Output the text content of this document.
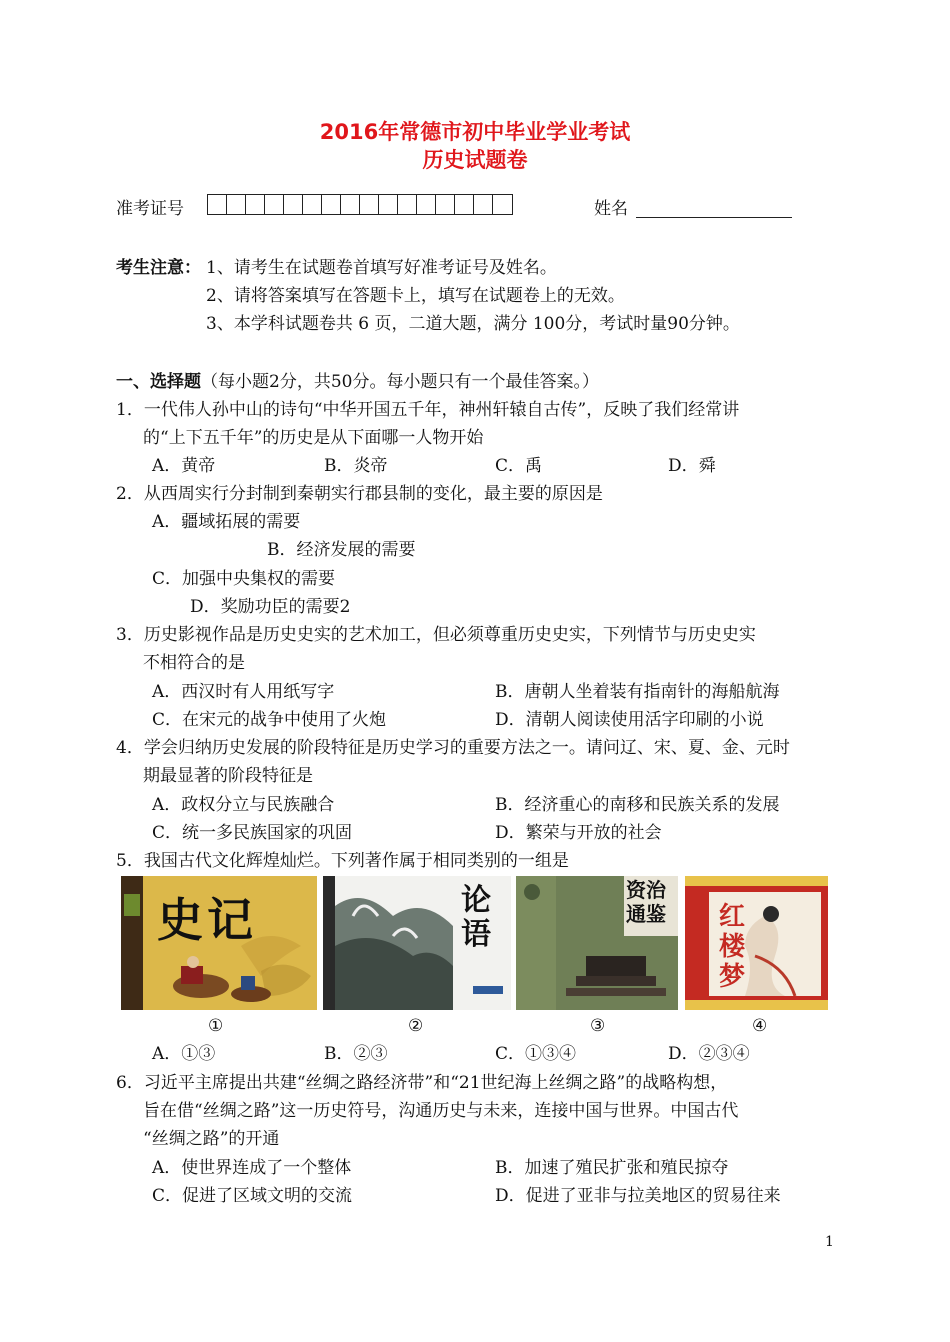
2016年常德市初中毕业学业考试
历史试题卷
准考证号	姓名
考生注意： 1、请考生在试题卷首填写好准考证号及姓名。
2、请将答案填写在答题卡上，填写在试题卷上的无效。
3、本学科试题卷共 6 页，二道大题，满分 100分，考试时量90分钟。
一、选择题（每小题2分，共50分。每小题只有一个最佳答案。）
1．一代伟人孙中山的诗句“中华开国五千年，神州轩辕自古传”，反映了我们经常讲
的“上下五千年”的历史是从下面哪一人物开始
A．黄帝	B．炎帝	C．禹	D．舜
2．从西周实行分封制到秦朝实行郡县制的变化，最主要的原因是
A．疆域拓展的需要
B．经济发展的需要
C．加强中央集权的需要
D．奖励功臣的需要2
3．历史影视作品是历史史实的艺术加工，但必须尊重历史史实，下列情节与历史史实
不相符合的是
A．西汉时有人用纸写字	B．唐朝人坐着装有指南针的海船航海
C．在宋元的战争中使用了火炮	D．清朝人阅读使用活字印刷的小说
4．学会归纳历史发展的阶段特征是历史学习的重要方法之一。请问辽、宋、夏、金、元时
期最显著的阶段特征是
A．政权分立与民族融合	B．经济重心的南移和民族关系的发展
C．统一多民族国家的巩固	D．繁荣与开放的社会
5．我国古代文化辉煌灿烂。下列著作属于相同类别的一组是
史记	论语
资治通鉴	红楼梦
①	②	③	④
A．①③	B．②③	C．①③④	D．②③④
6．习近平主席提出共建“丝绸之路经济带”和“21世纪海上丝绸之路”的战略构想，
旨在借“丝绸之路”这一历史符号，沟通历史与未来，连接中国与世界。中国古代
“丝绸之路”的开通
A．使世界连成了一个整体	B．加速了殖民扩张和殖民掠夺
C．促进了区域文明的交流	D．促进了亚非与拉美地区的贸易往来
1
